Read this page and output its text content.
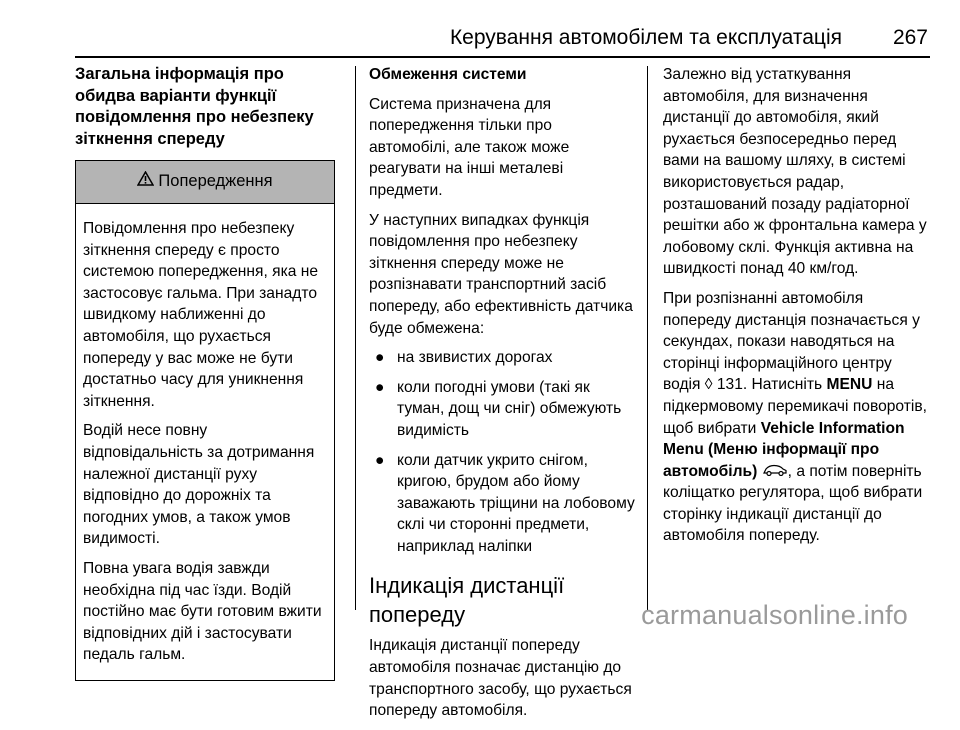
Керування автомобілем та експлуатація 267
Загальна інформація про обидва варіанти функції повідомлення про небезпеку зіткнення спереду
Попередження

Повідомлення про небезпеку зіткнення спереду є просто системою попередження, яка не застосовує гальма. При занадто швидкому наближенні до автомобіля, що рухається попереду у вас може не бути достатньо часу для уникнення зіткнення.

Водій несе повну відповідальність за дотримання належної дистанції руху відповідно до дорожніх та погодних умов, а також умов видимості.

Повна увага водія завжди необхідна під час їзди. Водій постійно має бути готовим вжити відповідних дій і застосувати педаль гальм.

Обмеження системи

Система призначена для попередження тільки про автомобілі, але також може реагувати на інші металеві предмети.

У наступних випадках функція повідомлення про небезпеку зіткнення спереду може не розпізнавати транспортний засіб попереду, або ефективність датчика буде обмежена:

● на звивистих дорогах
● коли погодні умови (такі як туман, дощ чи сніг) обмежують видимість
● коли датчик укрито снігом, кригою, брудом або йому заважають тріщини на лобовому склі чи сторонні предмети, наприклад наліпки
Індикація дистанції попереду

Індикація дистанції попереду автомобіля позначає дистанцію до транспортного засобу, що рухається попереду автомобіля.

Залежно від устаткування автомобіля, для визначення дистанції до автомобіля, який рухається безпосередньо перед вами на вашому шляху, в системі використовується радар, розташований позаду радіаторної решітки або ж фронтальна камера у лобовому склі. Функція активна на швидкості понад 40 км/год.

При розпізнанні автомобіля попереду дистанція позначається у секундах, покази наводяться на сторінці інформаційного центру водія ◊ 131. Натисніть MENU на підкермовому перемикачі поворотів, щоб вибрати Vehicle Information Menu (Меню інформації про автомобіль) , а потім поверніть коліщатко регулятора, щоб вибрати сторінку індикації дистанції до автомобіля попереду.

carmanualsonline.info
